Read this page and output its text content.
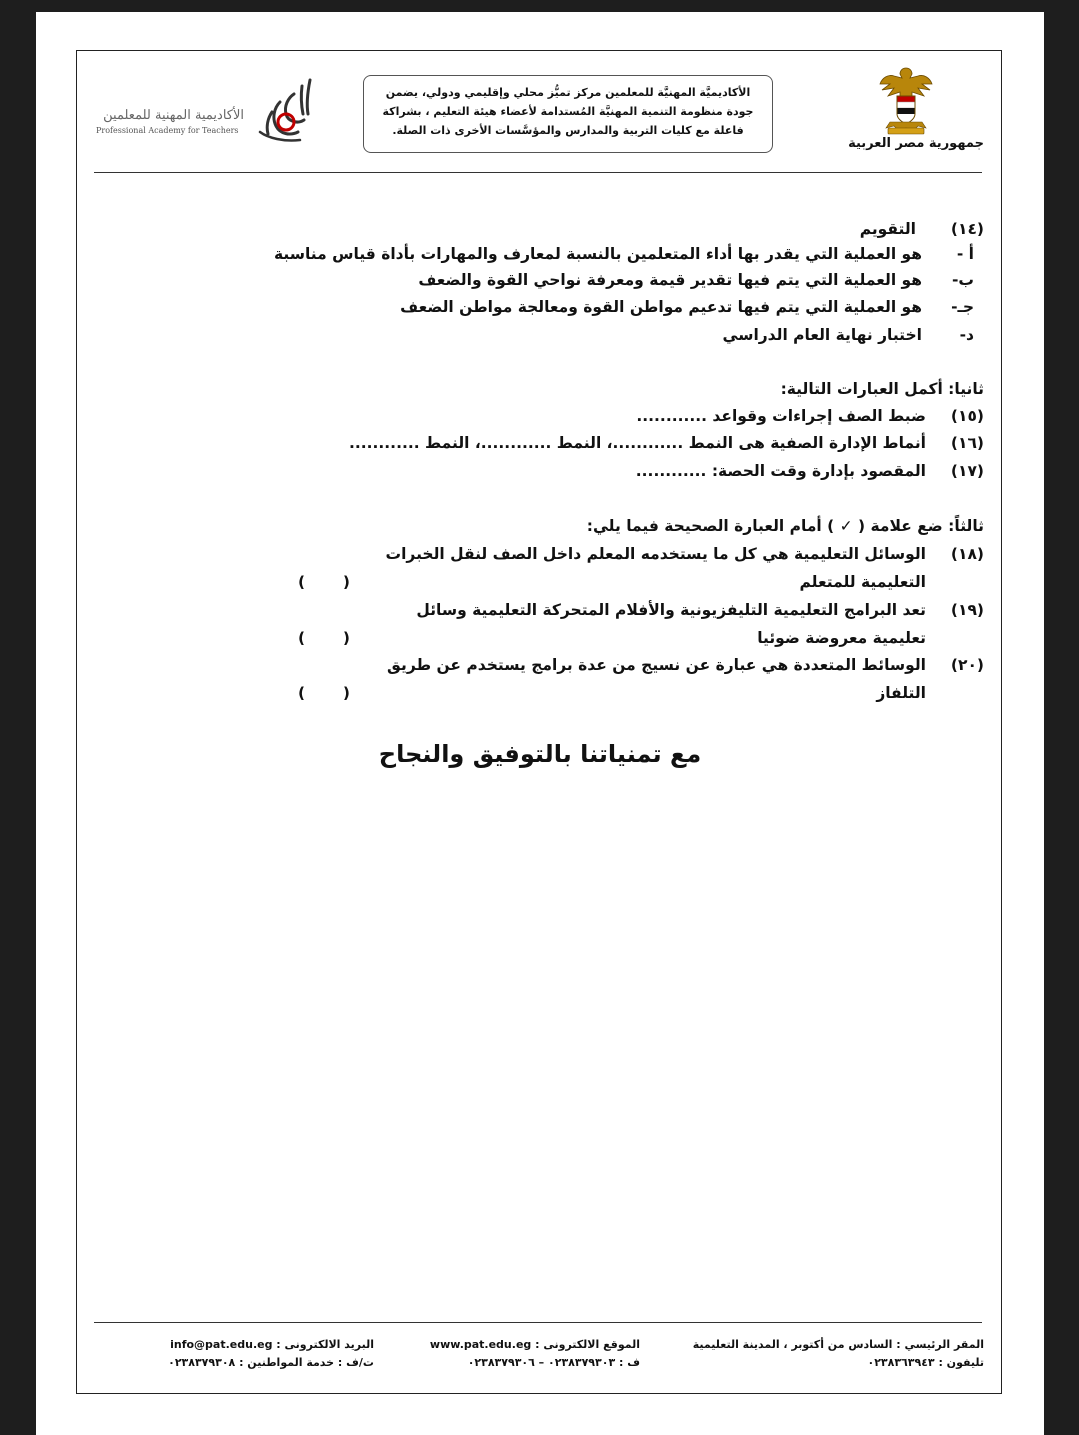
جمهورية مصر العربية
الأكاديميَّة المهنيَّة للمعلمين مركز تميُّز محلي وإقليمي ودولي، يضمن
جودة منظومة التنمية المهنيَّة المُستدامة لأعضاء هيئة التعليم ، بشراكة
فاعلة مع كليات التربية والمدارس والمؤسَّسات الأخرى ذات الصلة.
الأكاديمية المهنية للمعلمين
Professional Academy for Teachers
(١٤)
التقويم
أ -
هو العملية التي يقدر بها أداء المتعلمين بالنسبة لمعارف والمهارات بأداة قياس مناسبة
ب-
هو العملية التي يتم فيها تقدير قيمة ومعرفة نواحي القوة والضعف
جـ-
هو العملية التي يتم فيها تدعيم مواطن القوة ومعالجة مواطن الضعف
د-
اختبار نهاية العام الدراسي
ثانيا: أكمل العبارات التالية:
(١٥)
ضبط الصف إجراءات وقواعد ............
(١٦)
أنماط الإدارة الصفية هى النمط ............، النمط ............، النمط ............
(١٧)
المقصود بإدارة وقت الحصة: ............
ثالثاً: ضع علامة ( ✓ ) أمام العبارة الصحيحة فيما يلي:
(١٨)
الوسائل التعليمية هي كل ما يستخدمه المعلم داخل الصف لنقل الخبرات
التعليمية للمتعلم
(       )
(١٩)
تعد البرامج التعليمية التليفزيونية والأفلام المتحركة التعليمية وسائل
تعليمية معروضة ضوئيا
(       )
(٢٠)
الوسائط المتعددة هي عبارة عن نسيج من عدة برامج يستخدم عن طريق
التلفاز
(       )
مع تمنياتنا بالتوفيق والنجاح
المقر الرئيسي : السادس من أكتوبر ، المدينة التعليمية
تليفون : ٠٢٣٨٣٦٣٩٤٣
الموقع الالكترونى : www.pat.edu.eg
ف : ٠٢٣٨٣٧٩٣٠٣ – ٠٢٣٨٣٧٩٣٠٦
البريد الالكترونى : info@pat.edu.eg
ت/ف : خدمة المواطنين : ٠٢٣٨٣٧٩٣٠٨
